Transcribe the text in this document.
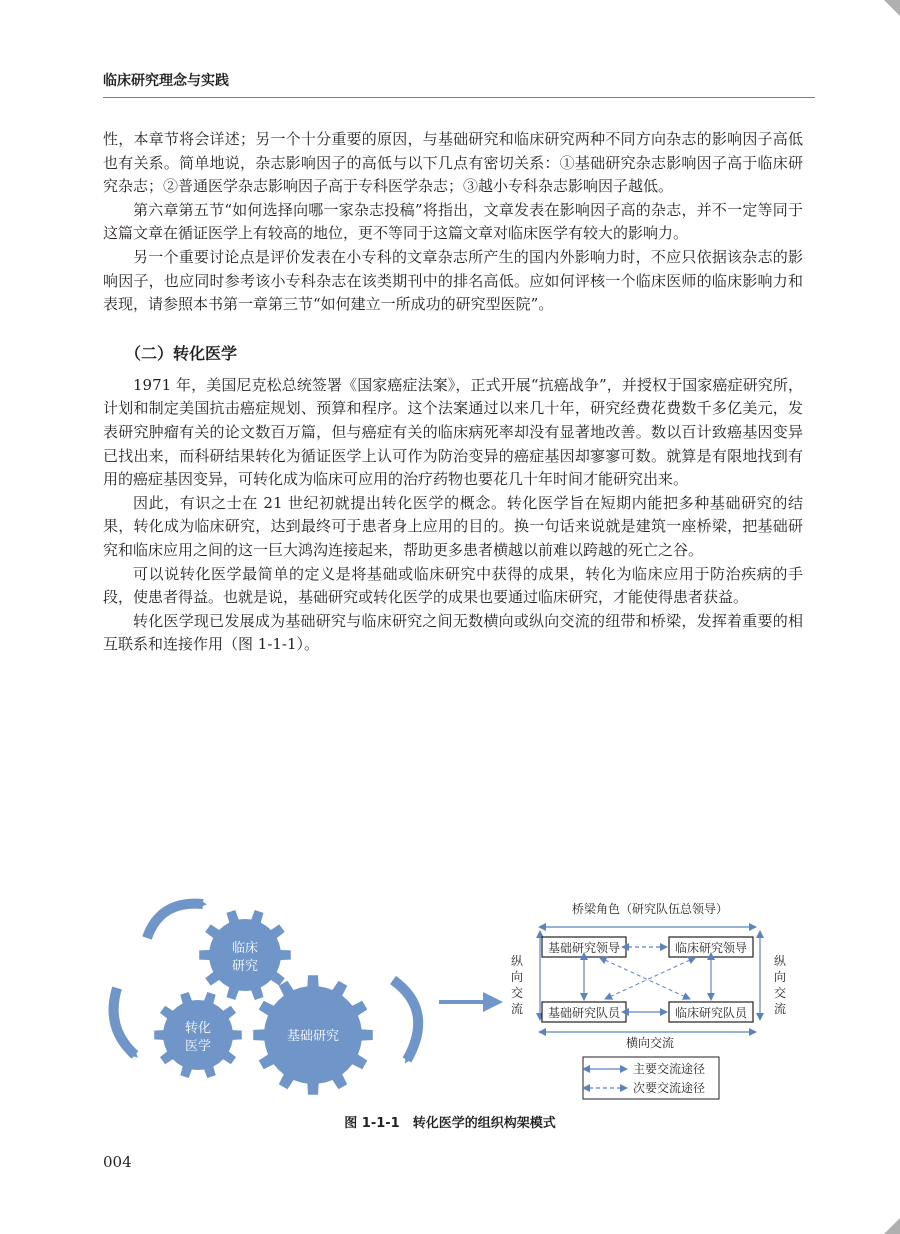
临床研究理念与实践

性，本章节将会详述；另一个十分重要的原因，与基础研究和临床研究两种不同方向杂志的影响因子高低也有关系。简单地说，杂志影响因子的高低与以下几点有密切关系：①基础研究杂志影响因子高于临床研究杂志；②普通医学杂志影响因子高于专科医学杂志；③越小专科杂志影响因子越低。

第六章第五节“如何选择向哪一家杂志投稿”将指出，文章发表在影响因子高的杂志，并不一定等同于这篇文章在循证医学上有较高的地位，更不等同于这篇文章对临床医学有较大的影响力。

另一个重要讨论点是评价发表在小专科的文章杂志所产生的国内外影响力时，不应只依据该杂志的影响因子，也应同时参考该小专科杂志在该类期刊中的排名高低。应如何评核一个临床医师的临床影响力和表现，请参照本书第一章第三节“如何建立一所成功的研究型医院”。

（二）转化医学

1971 年，美国尼克松总统签署《国家癌症法案》，正式开展“抗癌战争”，并授权于国家癌症研究所，计划和制定美国抗击癌症规划、预算和程序。这个法案通过以来几十年，研究经费花费数千多亿美元，发表研究肿瘤有关的论文数百万篇，但与癌症有关的临床病死率却没有显著地改善。数以百计致癌基因变异已找出来，而科研结果转化为循证医学上认可作为防治变异的癌症基因却寥寥可数。就算是有限地找到有用的癌症基因变异，可转化成为临床可应用的治疗药物也要花几十年时间才能研究出来。

因此，有识之士在 21 世纪初就提出转化医学的概念。转化医学旨在短期内能把多种基础研究的结果，转化成为临床研究，达到最终可于患者身上应用的目的。换一句话来说就是建筑一座桥梁，把基础研究和临床应用之间的这一巨大鸿沟连接起来，帮助更多患者横越以前难以跨越的死亡之谷。

可以说转化医学最简单的定义是将基础或临床研究中获得的成果，转化为临床应用于防治疾病的手段，使患者得益。也就是说，基础研究或转化医学的成果也要通过临床研究，才能使得患者获益。

转化医学现已发展成为基础研究与临床研究之间无数横向或纵向交流的纽带和桥梁，发挥着重要的相互联系和连接作用（图 1-1-1）。

临床
研究
转化
医学
基础研究
桥梁角色（研究队伍总领导）
纵
向
交
流
纵
向
交
流
基础研究领导	临床研究领导
基础研究队员	临床研究队员
横向交流
主要交流途径
次要交流途径
图 1-1-1　转化医学的组织构架模式
004
